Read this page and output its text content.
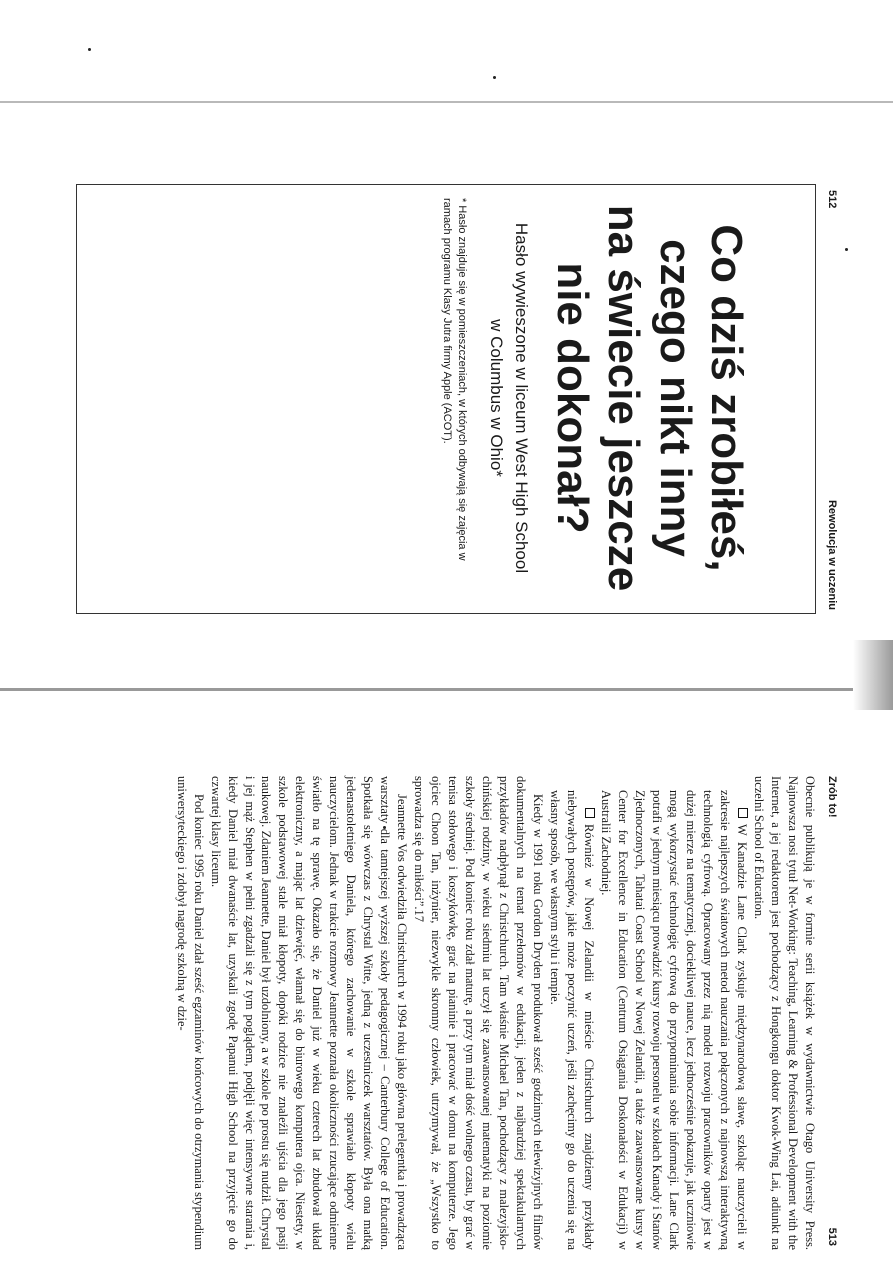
512
Rewolucja w uczeniu
Co dziś zrobiłeś,
czego nikt inny
na świecie jeszcze
nie dokonał?
Hasło wywieszone w liceum West High School
w Columbus w Ohio*
* Hasło znajduje się w pomieszczeniach, w których odbywają się zajęcia w ramach programu Klasy Jutra firmy Apple (ACOT).
Zrób to!
513

Obecnie publikują je w formie serii książek w wydawnictwie Otago University Press. Najnowsza nosi tytuł Net-Working: Teaching, Learning & Professional Development with the Internet, a jej redaktorem jest pochodzący z Hongkongu doktor Kwok-Wing Lai, adiunkt na uczelni School of Education.

W Kanadzie Lane Clark zyskuje międzynarodową sławę, szkoląc nauczycieli w zakresie najlepszych światowych metod nauczania połączonych z najnowszą interaktywną technologią cyfrową. Opracowany przez nią model rozwoju pracowników oparty jest w dużej mierze na tematycznej, dociekliwej nauce, lecz jednocześnie pokazuje, jak uczniowie mogą wykorzystać technologię cyfrową do przypominania sobie informacji. Lane Clark potrafi w jednym miesiącu prowadzić kursy rozwoju personelu w szkołach Kanady i Stanów Zjednoczonych, Tahatai Coast School w Nowej Zelandii, a także zaawansowane kursy w Center for Excellence in Education (Centrum Osiągania Doskonałości w Edukacji) w Australii Zachodniej.

Również w Nowej Zelandii w mieście Christchurch znajdziemy przykłady niebywałych postępów, jakie może poczynić uczeń, jeśli zachęcimy go do uczenia się na własny sposób, we własnym stylu i tempie.

Kiedy w 1991 roku Gordon Dryden produkował sześć godzinnych telewizyjnych filmów dokumentalnych na temat przełomów w edukacji, jeden z najbardziej spektakularnych przykładów nadpłynął z Christchurch. Tam właśnie Michael Tan, pochodzący z malezyjsko-chińskiej rodziny, w wieku siedmiu lat uczył się zaawansowanej matematyki na poziomie szkoły średniej. Pod koniec roku zdał maturę, a przy tym miał dość wolnego czasu, by grać w tenisa stołowego i koszykówkę, grać na pianinie i pracować w domu na komputerze. Jego ojciec Choon Tan, inżynier, niezwykle skromny człowiek, utrzymywał, że „Wszystko to sprowadza się do miłości”.17

Jeannette Vos odwiedziła Christchurch w 1994 roku jako główna prelegentka i prowadząca warsztaty dla tamtejszej wyższej szkoły pedagogicznej – Canterbury College of Education. Spotkała się wówczas z Chrystal Witte, jedną z uczestniczek warsztatów. Była ona matką jedenastoletniego Daniela, którego zachowanie w szkole sprawiało kłopoty wielu nauczycielom. Jednak w trakcie rozmowy Jeannette poznała okoliczności rzucające odmienne światło na tę sprawę. Okazało się, że Daniel już w wieku czterech lat zbudował układ elektroniczny, a mając lat dziewięć, włamał się do biurowego komputera ojca. Niestety, w szkole podstawowej stale miał kłopoty, dopóki rodzice nie znaleźli ujścia dla jego pasji naukowej. Zdaniem Jeannette, Daniel był uzdolniony, a w szkole po prostu się nudził. Chrystal i jej mąż Stephen w pełni zgadzali się z tym poglądem, podjęli więc intensywne starania i, kiedy Daniel miał dwanaście lat, uzyskali zgodę Papanui High School na przyjęcie go do czwartej klasy liceum.

Pod koniec 1995 roku Daniel zdał sześć egzaminów końcowych do otrzymania stypendium uniwersyteckiego i zdobył nagrodę szkolną w dzie-
